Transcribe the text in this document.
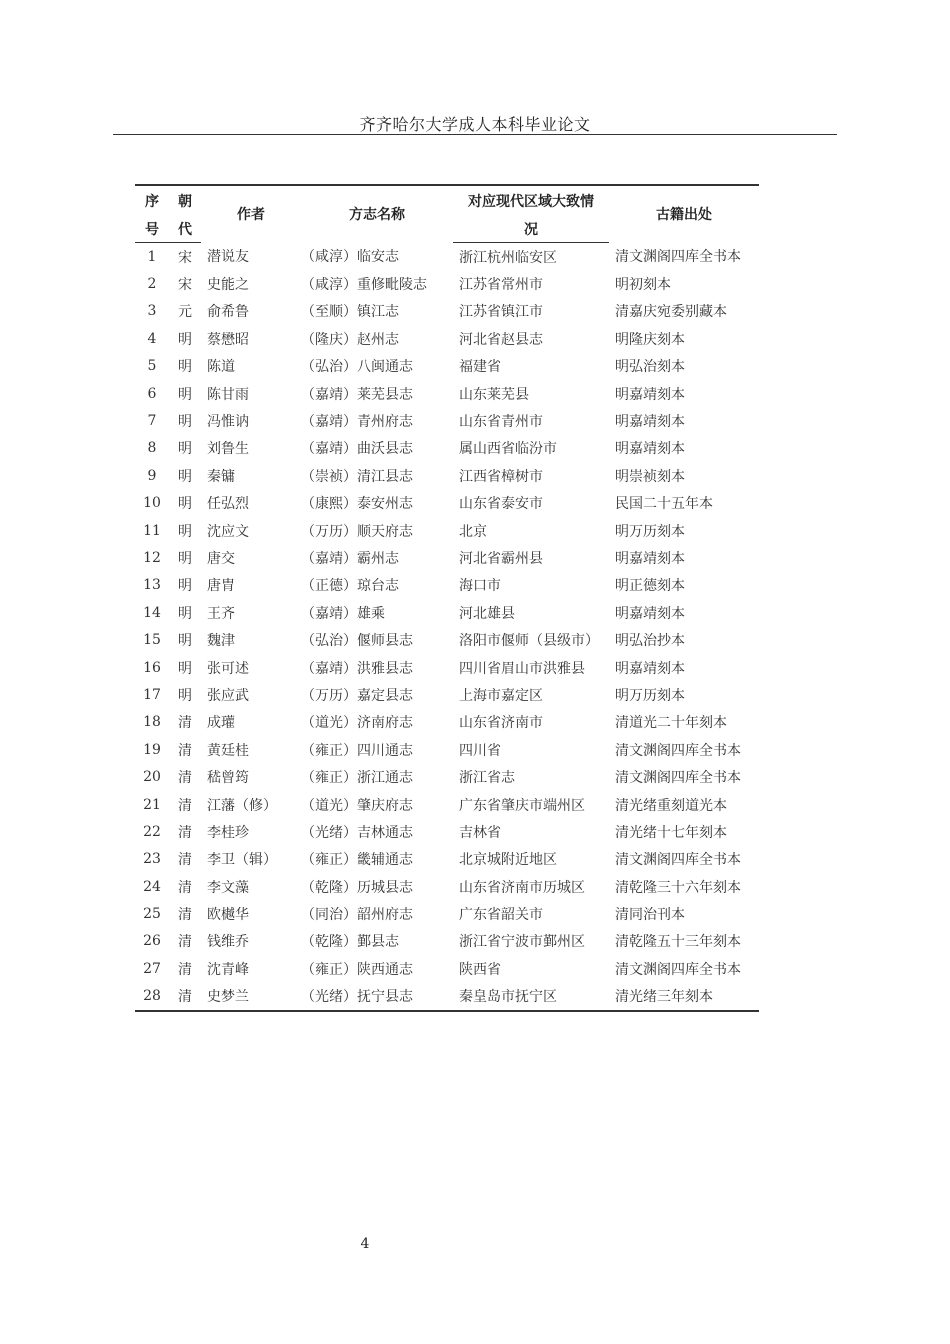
齐齐哈尔大学成人本科毕业论文
序	朝	作者	方志名称	对应现代区域大致情	古籍出处
号	代			况	
1	宋	潜说友	（咸淳）临安志	浙江杭州临安区	清文渊阁四库全书本
2	宋	史能之	（咸淳）重修毗陵志	江苏省常州市	明初刻本
3	元	俞希鲁	（至顺）镇江志	江苏省镇江市	清嘉庆宛委别藏本
4	明	蔡懋昭	（隆庆）赵州志	河北省赵县志	明隆庆刻本
5	明	陈道	（弘治）八闽通志	福建省	明弘治刻本
6	明	陈甘雨	（嘉靖）莱芜县志	山东莱芜县	明嘉靖刻本
7	明	冯惟讷	（嘉靖）青州府志	山东省青州市	明嘉靖刻本
8	明	刘鲁生	（嘉靖）曲沃县志	属山西省临汾市	明嘉靖刻本
9	明	秦镛	（崇祯）清江县志	江西省樟树市	明崇祯刻本
10	明	任弘烈	（康熙）泰安州志	山东省泰安市	民国二十五年本
11	明	沈应文	（万历）顺天府志	北京	明万历刻本
12	明	唐交	（嘉靖）霸州志	河北省霸州县	明嘉靖刻本
13	明	唐胄	（正德）琼台志	海口市	明正德刻本
14	明	王齐	（嘉靖）雄乘	河北雄县	明嘉靖刻本
15	明	魏津	（弘治）偃师县志	洛阳市偃师（县级市）	明弘治抄本
16	明	张可述	（嘉靖）洪雅县志	四川省眉山市洪雅县	明嘉靖刻本
17	明	张应武	（万历）嘉定县志	上海市嘉定区	明万历刻本
18	清	成瓘	（道光）济南府志	山东省济南市	清道光二十年刻本
19	清	黄廷桂	（雍正）四川通志	四川省	清文渊阁四库全书本
20	清	嵇曾筠	（雍正）浙江通志	浙江省志	清文渊阁四库全书本
21	清	江藩（修）	（道光）肇庆府志	广东省肇庆市端州区	清光绪重刻道光本
22	清	李桂珍	（光绪）吉林通志	吉林省	清光绪十七年刻本
23	清	李卫（辑）	（雍正）畿辅通志	北京城附近地区	清文渊阁四库全书本
24	清	李文藻	（乾隆）历城县志	山东省济南市历城区	清乾隆三十六年刻本
25	清	欧樾华	（同治）韶州府志	广东省韶关市	清同治刊本
26	清	钱维乔	（乾隆）鄞县志	浙江省宁波市鄞州区	清乾隆五十三年刻本
27	清	沈青峰	（雍正）陕西通志	陕西省	清文渊阁四库全书本
28	清	史梦兰	（光绪）抚宁县志	秦皇岛市抚宁区	清光绪三年刻本
4
